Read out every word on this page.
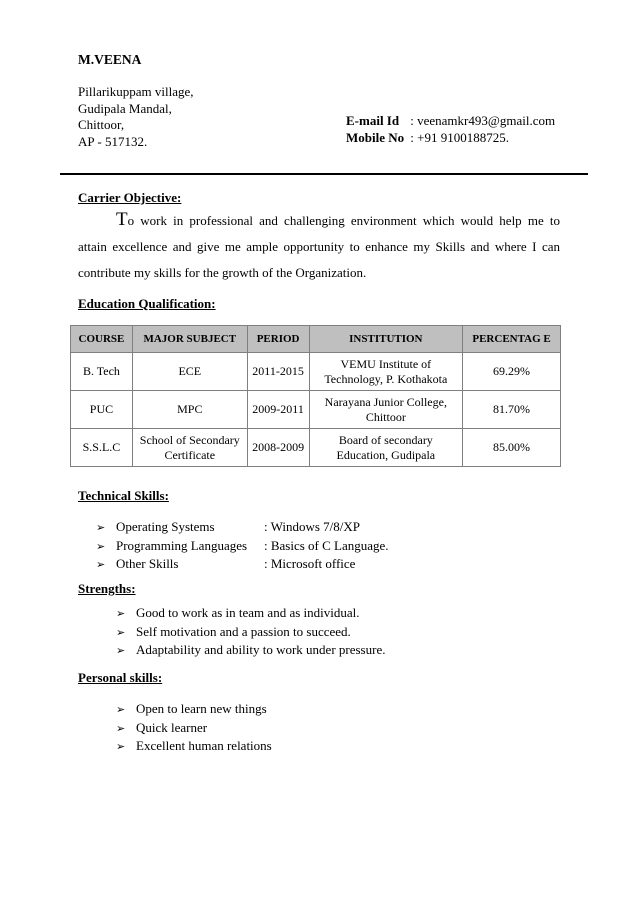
M.VEENA
Pillarikuppam village,
Gudipala Mandal,
Chittoor,
AP - 517132.
E-mail Id : veenamkr493@gmail.com
Mobile No : +91 9100188725.
Carrier Objective:
To work in professional and challenging environment which would help me to attain excellence and give me ample opportunity to enhance my Skills and where I can contribute my skills for the growth of the Organization.
Education Qualification:
COURSE	MAJOR SUBJECT	PERIOD	INSTITUTION	PERCENTAG E
B. Tech	ECE	2011-2015	VEMU Institute of Technology, P. Kothakota	69.29%
PUC	MPC	2009-2011	Narayana Junior College, Chittoor	81.70%
S.S.L.C	School of Secondary Certificate	2008-2009	Board of secondary Education, Gudipala	85.00%
Technical Skills:
➢ Operating Systems	: Windows 7/8/XP
➢ Programming Languages : Basics of C Language.
➢ Other Skills	: Microsoft office
Strengths:
➢ Good to work as in team and as individual.
➢ Self motivation and a passion to succeed.
➢ Adaptability and ability to work under pressure.
Personal skills:
➢ Open to learn new things
➢ Quick learner
➢ Excellent human relations
